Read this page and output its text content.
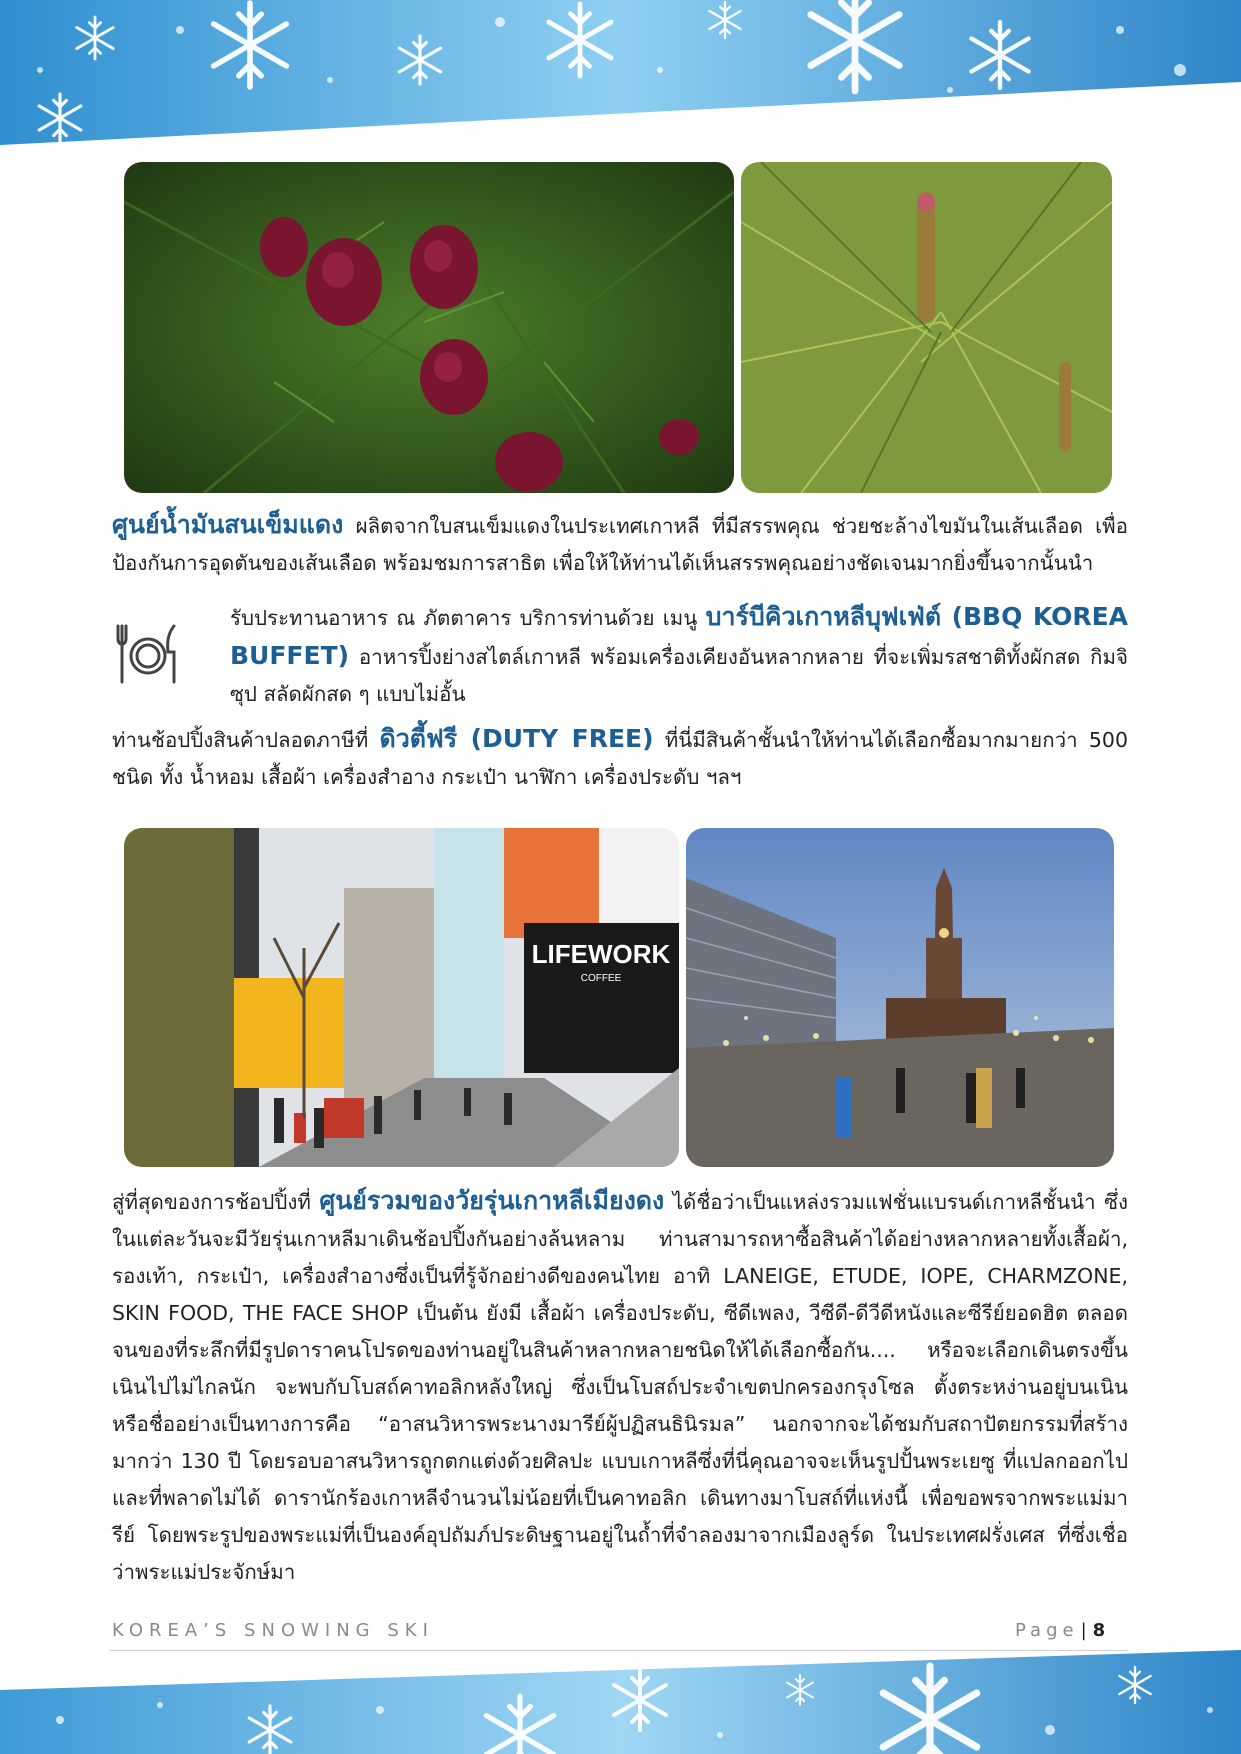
ศูนย์น้ำมันสนเข็มแดง ผลิตจากใบสนเข็มแดงในประเทศเกาหลี ที่มีสรรพคุณ ช่วยชะล้างไขมันในเส้นเลือด เพื่อป้องกันการอุดตันของเส้นเลือด พร้อมชมการสาธิต เพื่อให้ให้ท่านได้เห็นสรรพคุณอย่างชัดเจนมากยิ่งขึ้นจากนั้นนำ

รับประทานอาหาร ณ ภัตตาคาร บริการท่านด้วย เมนู บาร์บีคิวเกาหลีบุฟเฟ่ต์ (BBQ KOREA BUFFET) อาหารปิ้งย่างสไตล์เกาหลี พร้อมเครื่องเคียงอันหลากหลาย ที่จะเพิ่มรสชาติทั้งผักสด กิมจิ ซุป สลัดผักสด ๆ แบบไม่อั้น

ท่านช้อปปิ้งสินค้าปลอดภาษีที่ ดิวตี้ฟรี (DUTY FREE) ที่นี่มีสินค้าชั้นนำให้ท่านได้เลือกซื้อมากมายกว่า 500 ชนิด ทั้ง น้ำหอม เสื้อผ้า เครื่องสำอาง กระเป๋า นาฬิกา เครื่องประดับ ฯลฯ

LIFEWORK
COFFEE

สู่ที่สุดของการช้อปปิ้งที่ ศูนย์รวมของวัยรุ่นเกาหลีเมียงดง ได้ชื่อว่าเป็นแหล่งรวมแฟชั่นแบรนด์เกาหลีชั้นนำ ซึ่งในแต่ละวันจะมีวัยรุ่นเกาหลีมาเดินช้อปปิ้งกันอย่างล้นหลาม ท่านสามารถหาซื้อสินค้าได้อย่างหลากหลายทั้งเสื้อผ้า, รองเท้า, กระเป๋า, เครื่องสำอางซึ่งเป็นที่รู้จักอย่างดีของคนไทย อาทิ LANEIGE, ETUDE, IOPE, CHARMZONE, SKIN FOOD, THE FACE SHOP เป็นต้น ยังมี เสื้อผ้า เครื่องประดับ, ซีดีเพลง, วีซีดี-ดีวีดีหนังและซีรีย์ยอดฮิต ตลอดจนของที่ระลึกที่มีรูปดาราคนโปรดของท่านอยู่ในสินค้าหลากหลายชนิดให้ได้เลือกซื้อกัน.... หรือจะเลือกเดินตรงขึ้นเนินไปไม่ไกลนัก จะพบกับโบสถ์คาทอลิกหลังใหญ่ ซึ่งเป็นโบสถ์ประจำเขตปกครองกรุงโซล ตั้งตระหง่านอยู่บนเนิน หรือชื่ออย่างเป็นทางการคือ “อาสนวิหารพระนางมารีย์ผู้ปฏิสนธินิรมล” นอกจากจะได้ชมกับสถาปัตยกรรมที่สร้างมากว่า 130 ปี โดยรอบอาสนวิหารถูกตกแต่งด้วยศิลปะ แบบเกาหลีซึ่งที่นี่คุณอาจจะเห็นรูปปั้นพระเยซู ที่แปลกออกไป และที่พลาดไม่ได้ ดารานักร้องเกาหลีจำนวนไม่น้อยที่เป็นคาทอลิก เดินทางมาโบสถ์ที่แห่งนี้ เพื่อขอพรจากพระแม่มารีย์ โดยพระรูปของพระแม่ที่เป็นองค์อุปถัมภ์ประดิษฐานอยู่ในถ้ำที่จำลองมาจากเมืองลูร์ด ในประเทศฝรั่งเศส ที่ซึ่งเชื่อว่าพระแม่ประจักษ์มา

KOREA’S SNOWING SKI	Page | 8
